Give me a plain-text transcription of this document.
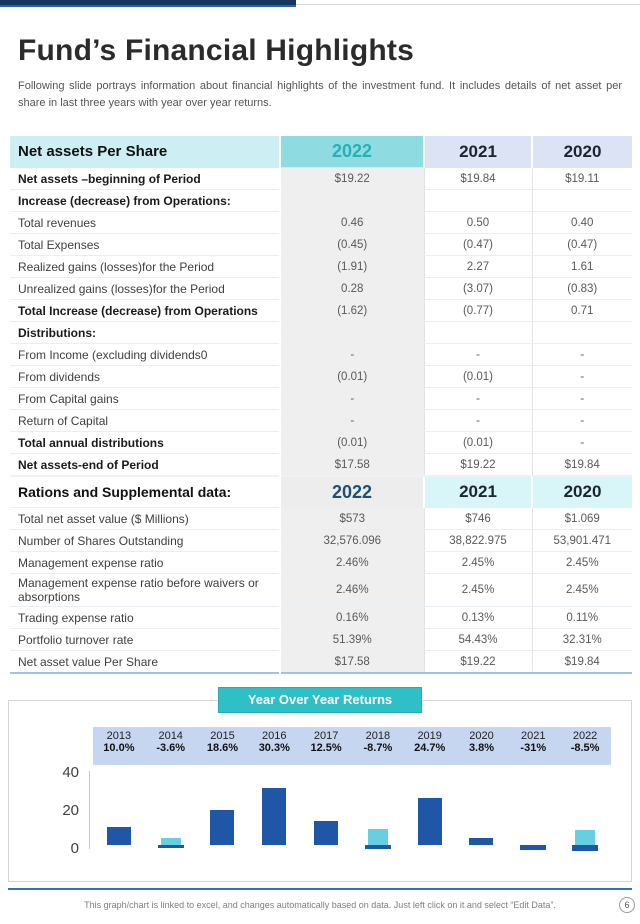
Fund’s Financial Highlights

Following slide portrays information about financial highlights of the investment fund. It includes details of net asset per share in last three years with year over year returns.

Net assets Per Share	2022	2021	2020
Net assets –beginning of Period	$19.22	$19.84	$19.11
Increase (decrease) from Operations:			
Total revenues	0.46	0.50	0.40
Total Expenses	(0.45)	(0.47)	(0.47)
Realized gains (losses)for the Period	(1.91)	2.27	1.61
Unrealized gains (losses)for the Period	0.28	(3.07)	(0.83)
Total Increase (decrease) from Operations	(1.62)	(0.77)	0.71
Distributions:			
From Income (excluding dividends0	-	-	-
From dividends	(0.01)	(0.01)	-
From Capital gains	-	-	-
Return of Capital	-	-	-
Total annual distributions	(0.01)	(0.01)	-
Net assets-end of Period	$17.58	$19.22	$19.84
Rations and Supplemental data:	2022	2021	2020
Total net asset value ($ Millions)	$573	$746	$1.069
Number of Shares Outstanding	32,576.096	38,822.975	53,901.471
Management expense ratio	2.46%	2.45%	2.45%
Management expense ratio before waivers or absorptions	2.46%	2.45%	2.45%
Trading expense ratio	0.16%	0.13%	0.11%
Portfolio turnover rate	51.39%	54.43%	32.31%
Net asset value Per Share	$17.58	$19.22	$19.84
Year Over Year Returns
2013
10.0%
2014
-3.6%
2015
18.6%
2016
30.3%
2017
12.5%
2018
-8.7%
2019
24.7%
2020
3.8%
2021
-31%
2022
-8.5%
40
20
0
This graph/chart is linked to excel, and changes automatically based on data. Just left click on it and select “Edit Data”.	6
